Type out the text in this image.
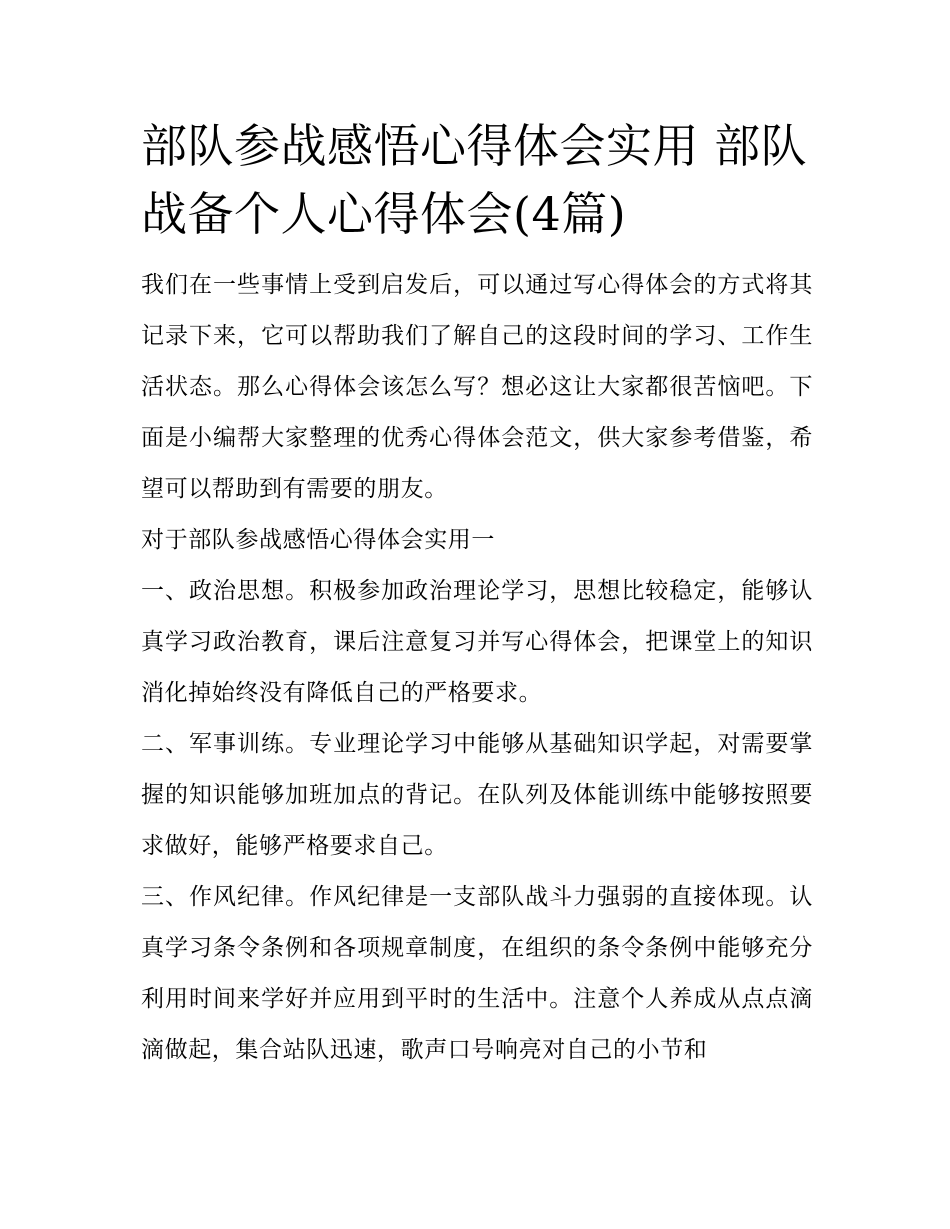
部队参战感悟心得体会实用 部队战备个人心得体会(4篇)

我们在一些事情上受到启发后，可以通过写心得体会的方式将其记录下来，它可以帮助我们了解自己的这段时间的学习、工作生活状态。那么心得体会该怎么写？想必这让大家都很苦恼吧。下面是小编帮大家整理的优秀心得体会范文，供大家参考借鉴，希望可以帮助到有需要的朋友。

对于部队参战感悟心得体会实用一

一、政治思想。积极参加政治理论学习，思想比较稳定，能够认真学习政治教育，课后注意复习并写心得体会，把课堂上的知识消化掉始终没有降低自己的严格要求。

二、军事训练。专业理论学习中能够从基础知识学起，对需要掌握的知识能够加班加点的背记。在队列及体能训练中能够按照要求做好，能够严格要求自己。

三、作风纪律。作风纪律是一支部队战斗力强弱的直接体现。认真学习条令条例和各项规章制度，在组织的条令条例中能够充分利用时间来学好并应用到平时的生活中。注意个人养成从点点滴滴做起，集合站队迅速，歌声口号响亮对自己的小节和
